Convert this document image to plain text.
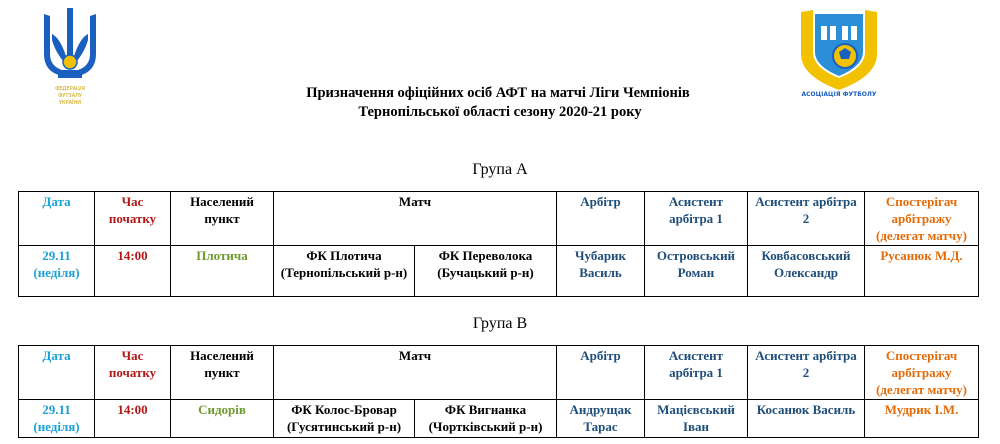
ФЕДЕРАЦІЯ
ФУТЗАЛУ
УКРАЇНИ
АСОЦІАЦІЯ ФУТБОЛУ
Призначення офіційних осіб АФТ на матчі Ліги Чемпіонів
Тернопільської області сезону 2020-21 року
Група А
Дата	Час початку	Населений пункт	Матч		Арбітр	Асистент арбітра 1	Асистент арбітра 2	Спостерігач арбітражу (делегат матчу)
29.11 (неділя)	14:00	Плотича	ФК Плотича (Тернопільський р-н)	ФК Переволока (Бучацький р-н)	Чубарик Василь	Островський Роман	Ковбасовський Олександр	Русанюк М.Д.
Група В
Дата	Час початку	Населений пункт	Матч		Арбітр	Асистент арбітра 1	Асистент арбітра 2	Спостерігач арбітражу (делегат матчу)
29.11 (неділя)	14:00	Сидорів	ФК Колос-Бровар (Гусятинський р-н)	ФК Вигнанка (Чортківський р-н)	Андрущак Тарас	Мацієвський Іван	Косанюк Василь	Мудрик І.М.
